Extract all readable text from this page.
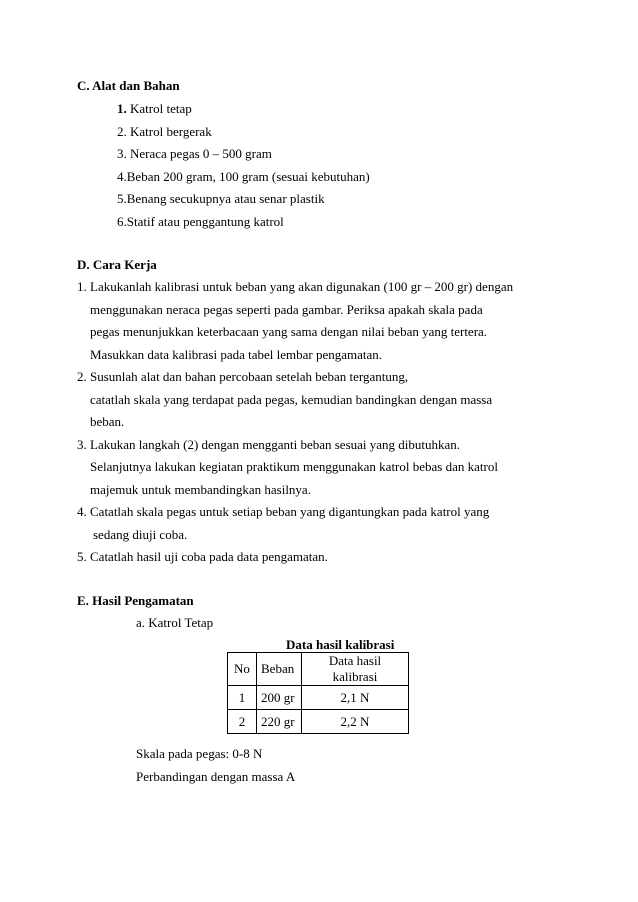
C. Alat dan Bahan
1. Katrol tetap
2. Katrol bergerak
3. Neraca pegas 0 – 500 gram
4.Beban 200 gram, 100 gram (sesuai kebutuhan)
5.Benang secukupnya atau senar plastik
6.Statif atau penggantung katrol
D. Cara Kerja
1. Lakukanlah kalibrasi untuk beban yang akan digunakan (100 gr – 200 gr) dengan
menggunakan neraca pegas seperti pada gambar. Periksa apakah skala pada
pegas menunjukkan keterbacaan yang sama dengan nilai beban yang tertera.
Masukkan data kalibrasi pada tabel lembar pengamatan.
2. Susunlah alat dan bahan percobaan setelah beban tergantung,
catatlah skala yang terdapat pada pegas, kemudian bandingkan dengan massa
beban.
3. Lakukan langkah (2) dengan mengganti beban sesuai yang dibutuhkan.
Selanjutnya lakukan kegiatan praktikum menggunakan katrol bebas dan katrol
majemuk untuk membandingkan hasilnya.
4. Catatlah skala pegas untuk setiap beban yang digantungkan pada katrol yang
sedang diuji coba.
5. Catatlah hasil uji coba pada data pengamatan.
E. Hasil Pengamatan
a. Katrol Tetap
Data hasil kalibrasi
No	Beban	Data hasil kalibrasi
1	200 gr	2,1 N
2	220 gr	2,2 N
Skala pada pegas: 0-8 N
Perbandingan dengan massa A
